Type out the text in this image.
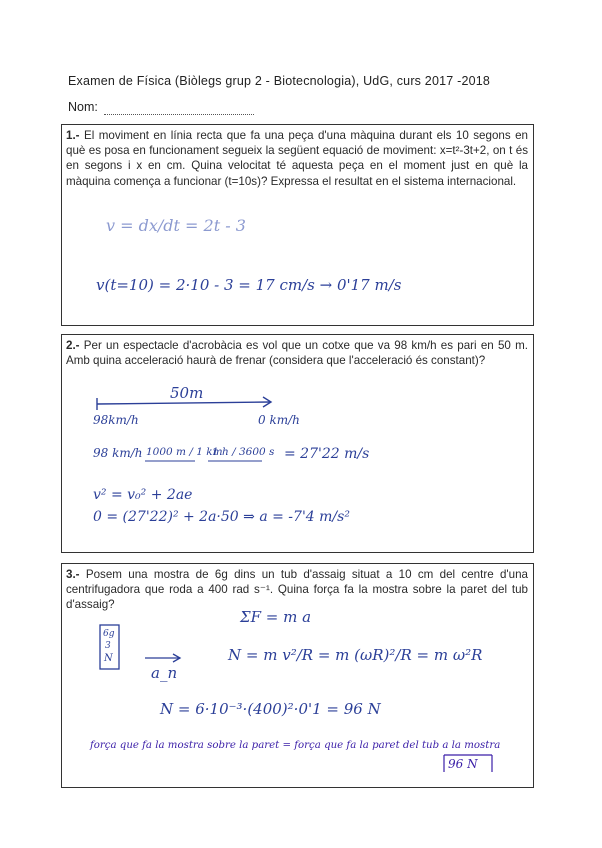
Examen de Física (Biòlegs grup 2 - Biotecnologia), UdG, curs 2017 -2018
Nom:
1.- El moviment en línia recta que fa una peça d'una màquina durant els 10 segons en què es posa en funcionament segueix la següent equació de moviment: x=t²-3t+2, on t és en segons i x en cm. Quina velocitat té aquesta peça en el moment just en què la màquina comença a funcionar (t=10s)? Expressa el resultat en el sistema internacional.
v = dx/dt = 2t - 3
v(t=10) = 2·10 - 3 = 17 cm/s → 0'17 m/s
2.- Per un espectacle d'acrobàcia es vol que un cotxe que va 98 km/h es pari en 50 m. Amb quina acceleració haurà de frenar (considera que l'acceleració és constant)?
50m
98km/h	0 km/h
98 km/h 1000 m / 1 km
1 h / 3600 s = 27'22 m/s
v² = v₀² + 2ae
0 = (27'22)² + 2a·50 ⇒ a = -7'4 m/s²
3.- Posem una mostra de 6g dins un tub d'assaig situat a 10 cm del centre d'una centrifugadora que roda a 400 rad s⁻¹. Quina força fa la mostra sobre la paret del tub d'assaig?
ΣF = m a
6g
3
N
a_n
N = m v²/R = m (ωR)²/R = m ω²R
N = 6·10⁻³·(400)²·0'1 = 96 N
força que fa la mostra sobre la paret = força que fa la paret del tub a la mostra
96 N
